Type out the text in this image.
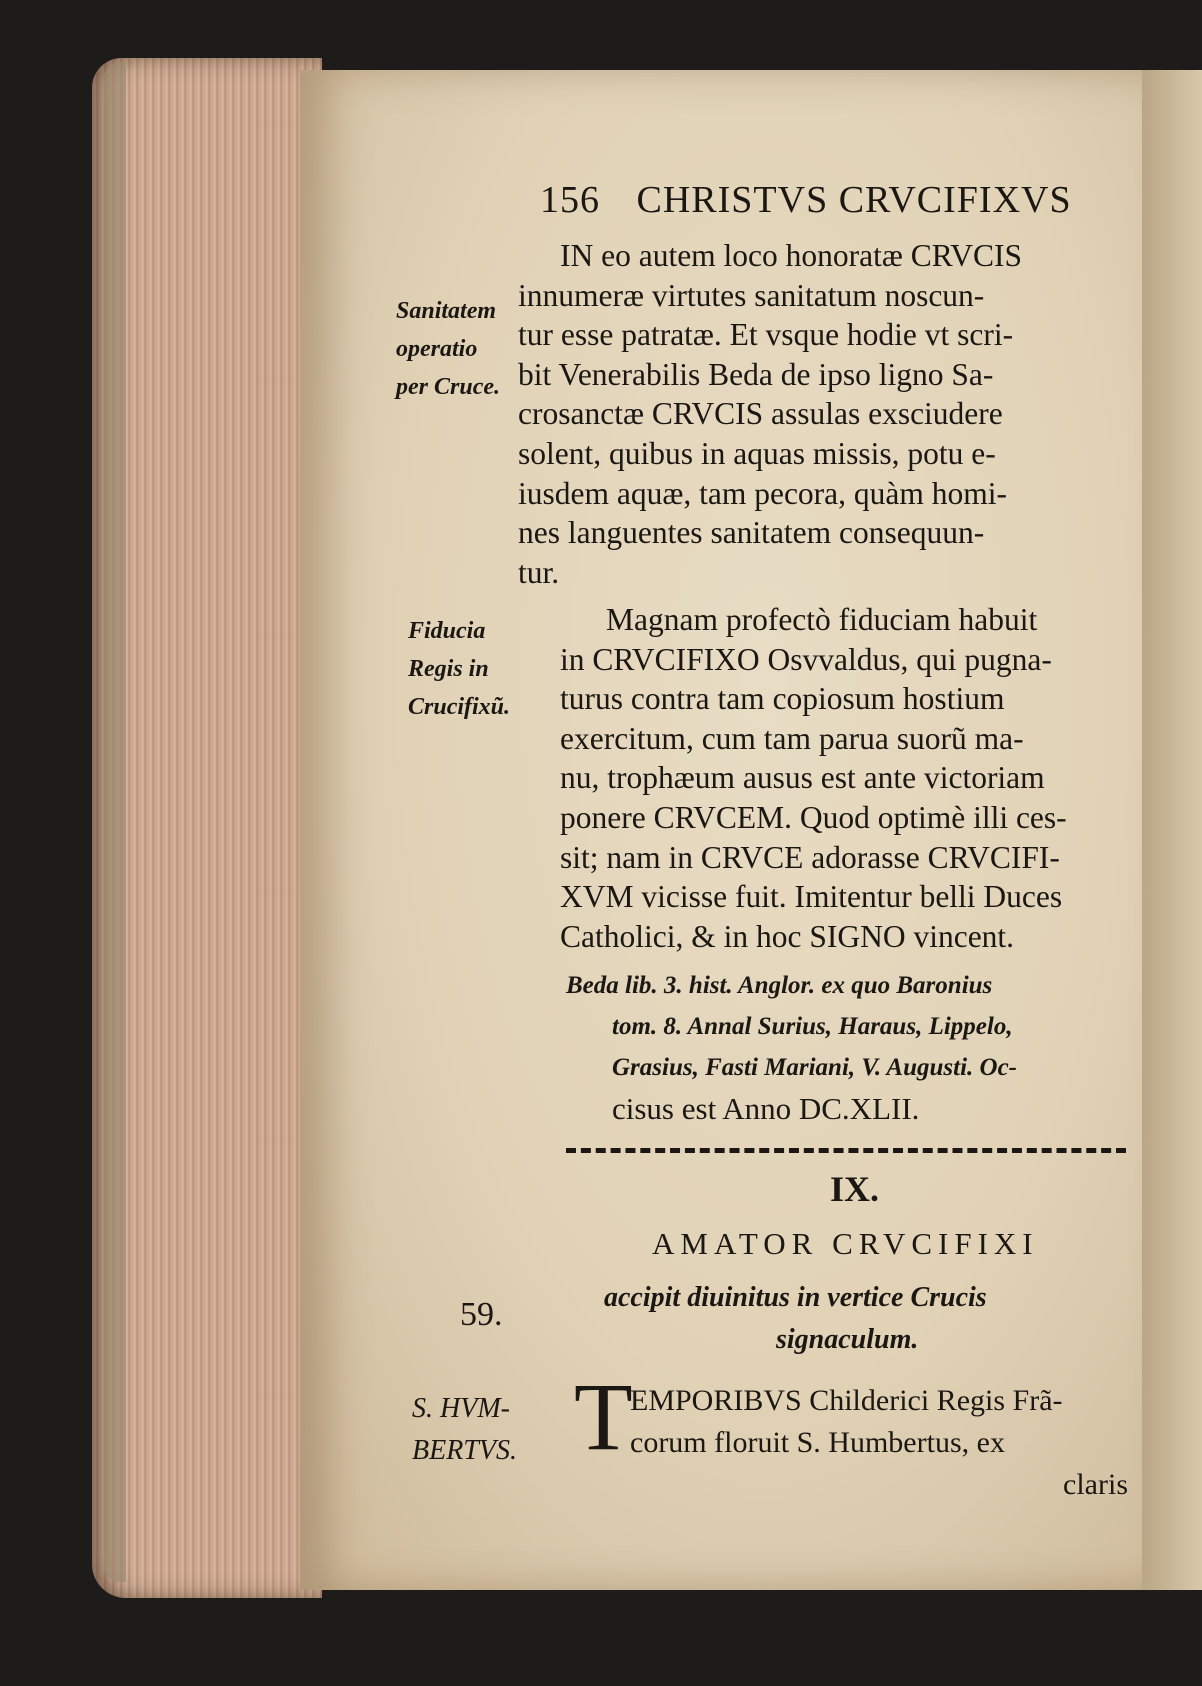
156 CHRISTVS CRVCIFIXVS
Sanitatem
operatio
per Cruce.
IN eo autem loco honoratæ CRVCIS
innumeræ virtutes sanitatum noscun-
tur esse patratæ. Et vsque hodie vt scri-
bit Venerabilis Beda de ipso ligno Sa-
crosanctæ CRVCIS assulas exsciudere
solent, quibus in aquas missis, potu e-
iusdem aquæ, tam pecora, quàm homi-
nes languentes sanitatem consequun-
tur.
Fiducia
Regis in
Crucifixũ.
Magnam profectò fiduciam habuit
in CRVCIFIXO Osvvaldus, qui pugna-
turus contra tam copiosum hostium
exercitum, cum tam parua suorũ ma-
nu, trophæum ausus est ante victoriam
ponere CRVCEM. Quod optimè illi ces-
sit; nam in CRVCE adorasse CRVCIFI-
XVM vicisse fuit. Imitentur belli Duces
Catholici, & in hoc SIGNO vincent.
Beda lib. 3. hist. Anglor. ex quo Baronius
tom. 8. Annal Surius, Haraus, Lippelo,
Grasius, Fasti Mariani, V. Augusti. Oc-
cisus est Anno DC.XLII.
IX.
AMATOR CRVCIFIXI
accipit diuinitus in vertice Crucis
signaculum.
59.
S. HVM-
BERTVS. T
EMPORIBVS Childerici Regis Frã-
corum floruit S. Humbertus, ex
claris
